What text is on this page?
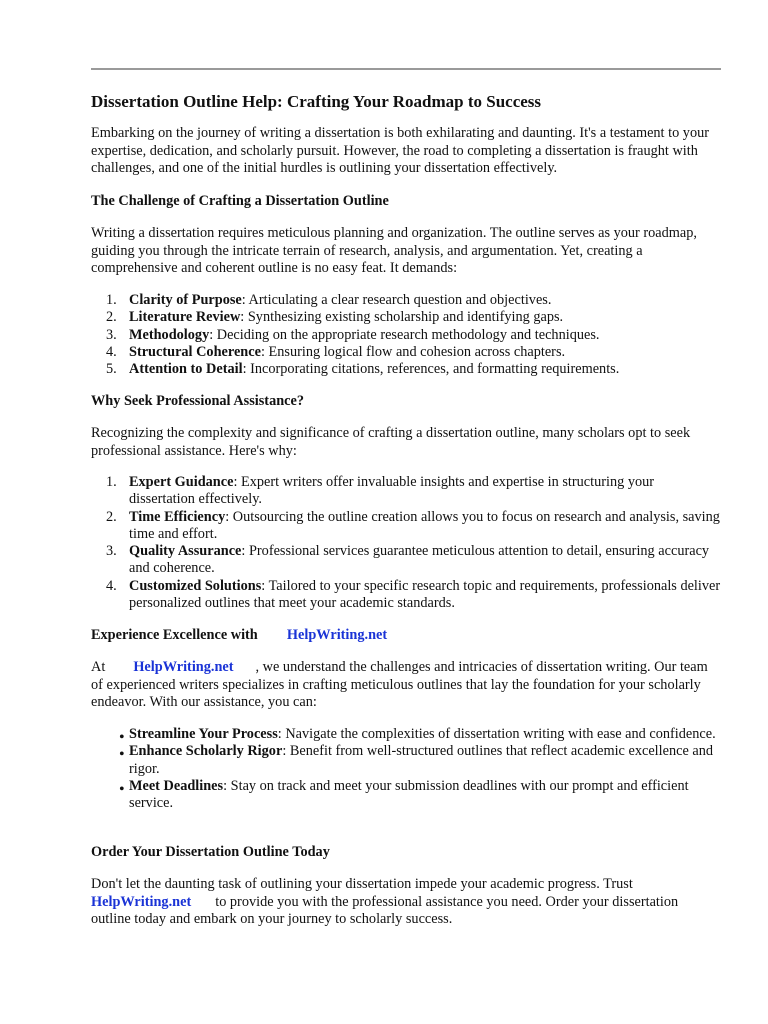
Dissertation Outline Help: Crafting Your Roadmap to Success

Embarking on the journey of writing a dissertation is both exhilarating and daunting. It's a testament to your expertise, dedication, and scholarly pursuit. However, the road to completing a dissertation is fraught with challenges, and one of the initial hurdles is outlining your dissertation effectively.

The Challenge of Crafting a Dissertation Outline

Writing a dissertation requires meticulous planning and organization. The outline serves as your roadmap, guiding you through the intricate terrain of research, analysis, and argumentation. Yet, creating a comprehensive and coherent outline is no easy feat. It demands:

1. Clarity of Purpose: Articulating a clear research question and objectives.
2. Literature Review: Synthesizing existing scholarship and identifying gaps.
3. Methodology: Deciding on the appropriate research methodology and techniques.
4. Structural Coherence: Ensuring logical flow and cohesion across chapters.
5. Attention to Detail: Incorporating citations, references, and formatting requirements.
Why Seek Professional Assistance?

Recognizing the complexity and significance of crafting a dissertation outline, many scholars opt to seek professional assistance. Here's why:

1. Expert Guidance: Expert writers offer invaluable insights and expertise in structuring your dissertation effectively.
2. Time Efficiency: Outsourcing the outline creation allows you to focus on research and analysis, saving time and effort.
3. Quality Assurance: Professional services guarantee meticulous attention to detail, ensuring accuracy and coherence.
4. Customized Solutions: Tailored to your specific research topic and requirements, professionals deliver personalized outlines that meet your academic standards.
Experience Excellence with HelpWriting.net

At HelpWriting.net , we understand the challenges and intricacies of dissertation writing. Our team of experienced writers specializes in crafting meticulous outlines that lay the foundation for your scholarly endeavor. With our assistance, you can:

• Streamline Your Process: Navigate the complexities of dissertation writing with ease and confidence.
• Enhance Scholarly Rigor: Benefit from well-structured outlines that reflect academic excellence and rigor.
• Meet Deadlines: Stay on track and meet your submission deadlines with our prompt and efficient service.
Order Your Dissertation Outline Today

Don't let the daunting task of outlining your dissertation impede your academic progress. Trust
HelpWriting.net to provide you with the professional assistance you need. Order your dissertation outline today and embark on your journey to scholarly success.
